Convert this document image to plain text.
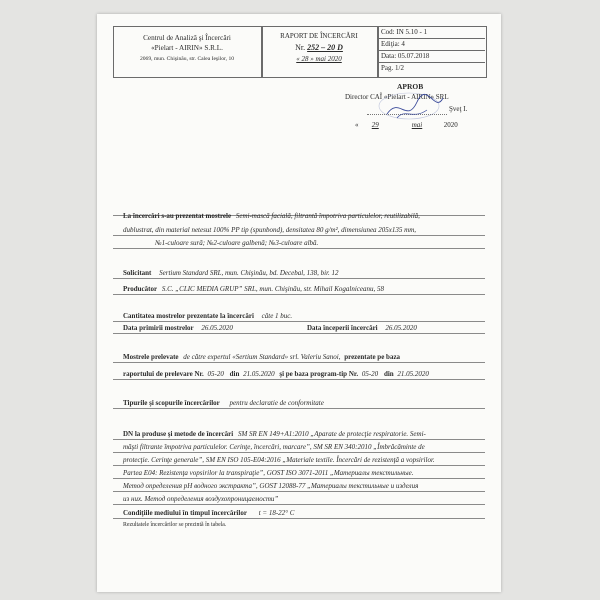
Centrul de Analiză şi Încercări
«Pielart - AIRIN» S.R.L.
2069, mun. Chişinău, str. Calea Ieşilor, 10
RAPORT DE ÎNCERCĂRI
Nr. 252 – 20 D
« 28 » mai 2020
Cod: IN 5.10 - 1
Ediţia: 4
Data: 05.07.2018
Pag. 1/2
APROB
Director CAÎ «Pielart - AIRIN» SRL
Şveţ I.
« 29	mai	2020
La încercări s-au prezentat mostrele Semi-mască facială, filtrantă împotriva particulelor, reutilizabilă,
dublustrat, din material netesut 100% PP tip (spunbond), densitatea 80 g/m², dimensiunea 205x135 mm,
№1-culoare sură; №2-culoare galbenă; №3-culoare albă.
Solicitant Sertium Standard SRL, mun. Chişinău, bd. Decebal, 138, bir. 12
Producător S.C. „CLIC MEDIA GRUP” SRL, mun. Chişinău, str. Mihail Kogalniceanu, 58
Cantitatea mostrelor prezentate la încercări câte 1 buc.
Data primirii mostrelor 26.05.2020	Data începerii încercări 26.05.2020
Mostrele prelevate de către expertul «Sertium Standard» srl. Valeriu Sanoi, prezentate pe baza
raportului de prelevare Nr. 05-20 din 21.05.2020 şi pe baza program-tip Nr. 05-20 din 21.05.2020
Tipurile şi scopurile încercărilor pentru declaratie de conformitate
DN la produse şi metode de încercări SM SR EN 149+A1:2010 „Aparate de protecţie respiratorie. Semi-
măşti filtrante împotriva particulelor. Cerinţe, încercări, marcare”, SM SR EN 340:2010 „Îmbrăcăminte de
protecţie. Cerinţe generale”, SM EN ISO 105-E04:2016 „Materiale textile. Încercări de rezistenţă a vopsirilor.
Partea E04: Rezistenţa vopsirilor la transpiraţie”, GOST ISO 3071-2011 „Материалы текстильные.
Метод определения pH водного экстракта”, GOST 12088-77 „Материалы текстильные и изделия
из них. Метод определения воздухопроницаемости”
Condiţiile mediului în timpul încercărilor t = 18-22° C
Rezultatele încercărilor se prezintă în tabela.
